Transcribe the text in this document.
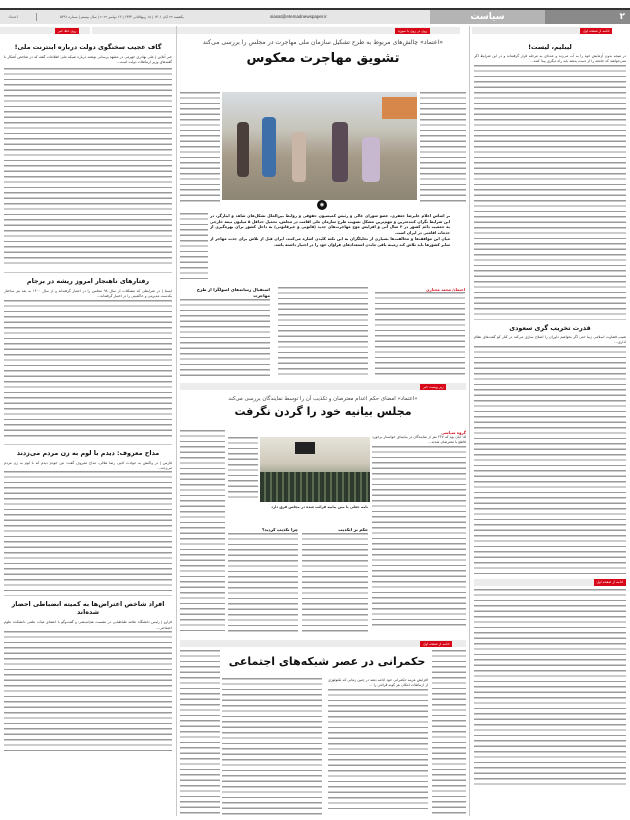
سیاست	۲
siasat@etemadnewspaper.ir
یکشنبه ۲۲ آبان ۱۴۰۱ | ۱۸ ربیع‌الثانی ۱۴۴۴ | ۱۳ نوامبر ۲۰۲۲ | سال بیستم | شماره ۵۳۹۱
اعتماد
روی خط خبر	روی در روی با سوژه	ادامه از صفحه اول
گاف عجیب سخنگوی دولت درباره اینترنت ملی!
خبر آنلاین | علی بهادری جهرمی در مشهد پرسانی نوشته درباره شبکه ملی اطلاعات گفته که در شاخص آشکار با گفته‌های وزیر ارتباطات دولت است...
رفتارهای ناهنجار امروز ریشه در برجام
ایسنا | در شرایطی که مشکلات از سال ۹۸ مجلس را در اختیار گرفته‌اند و از سال ۱۴۰۰ به بعد نیز ساختار یکدست مدیریتی و حاکمیتی را در اختیار گرفته‌اند...
مداح معروف: دیدم با لوم به زن مردم می‌زدند
فارس | در واکنش به حوادث اخیر، رضا هلالی، مداح معروف گفت: من خودم دیدم که با لوم به زن مردم می‌زدند...
افراد شاخص اعتراض‌ها به کمیته انضباطی احضار شده‌اند
فرارو | رئیس دانشگاه علامه طباطبایی در نشست هم‌اندیشی و گفت‌وگو با اعضای هیات علمی دانشکده علوم اجتماعی...
«اعتماد» چالش‌های مربوط به طرح تشکیل سازمان ملی مهاجرت در مجلس را بررسی می‌کند
تشویق مهاجرت معکوس
◉
بر اساس اعلام علیرضا جعفری، عضو شورای عالی و رئیس کمیسیون حقوقی و روابط بین‌الملل تشکل‌های شاهد و ایثارگر، در این شرایط نگران کننده‌ترین و مهم‌ترین مشکل تصویب طرح سازمان ملی اقامت در مجلس، تحمیل حداقل ۵ میلیون نیمه خارجی به جمعیت دائم کشور در ۳ سال آتی و افزایش موج مهاجرت‌های جدید (قانونی و غیرقانونی) به داخل کشور برای بهره‌گیری از خدمات اقامتی در ایران است.
میان این مواقف‌ها و مخالفت‌ها بسیاری از تحلیلگران به این نکته کلیدی اشاره می‌کنند، ایران قبل از تلاش برای جذب مهاجر از سایر کشورها باید تلاش کند زمینه باقی ماندن استعدادهای فراوان خود را در اختیار داشته باشد.
استقبال رسانه‌های اصولگرا از طرح مهاجرت
اعتماد/ محمد مختاری
زیر پوست خبر
«اعتماد» امضای حکم اعدام معترضان و تکذیب آن را توسط نمایندگان بررسی می‌کند
مجلس بیانیه خود را گردن نگرفت
نامه جعلی با متن بیانیه قرائت شده در مجلس فرق دارد
چرا تکذیب کردید؟	حکم بر اتکذیب
گروه سیاسی
۱۵ آبان بود که ۲۲۷ نفر از نمایندگان در بیانیه‌ای خواستار برخورد قاطع با معترضان شدند...
ادامه از صفحه اول
حکمرانی در عصر شبکه‌های اجتماعی
افزایش هزینه حکمرانی خود ادامه دهند در چنین زمانی که تکنولوژی از ارتباطات امکان هر گونه قرائتی را ...
لیبلیم، لیست!
در نتیجه بدون آزمایش خود را به آب می‌زند و عده‌ای به مرحله قرار گرفته‌اند و در این شرایط اگر نمی‌خواهند که جامعه را از دست بدهند باید راه دیگری پیدا کنند...
قدرت تخریب گری سعودی
شیب قضاوت اسلامی زیبا حتی اگر بخواهیم داوران را اصلاح سازی می‌کند در کنار کو گفت‌های نظام اداری...
ادامه از صفحه اول
